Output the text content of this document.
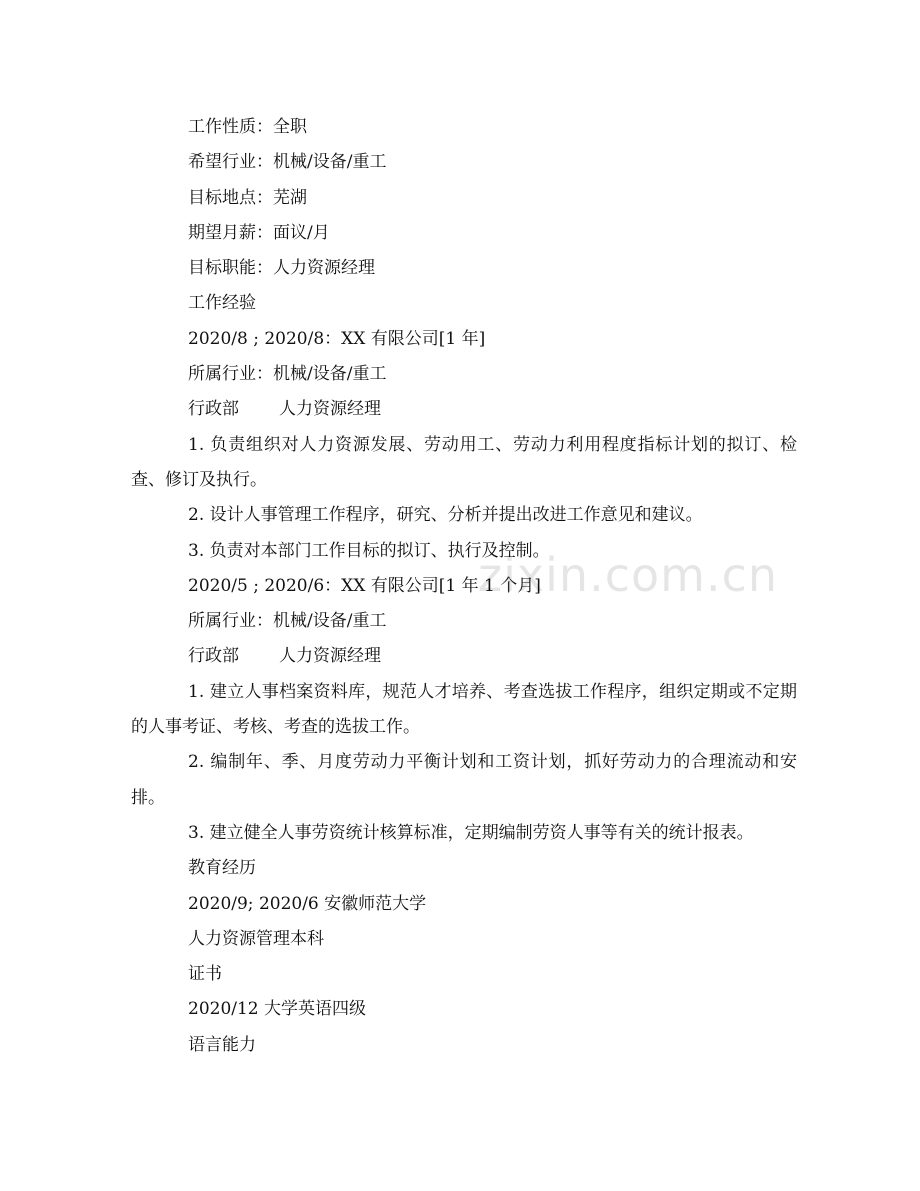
工作性质：全职
希望行业：机械/设备/重工
目标地点：芜湖
期望月薪：面议/月
目标职能：人力资源经理
工作经验
2020/8 ; 2020/8：XX 有限公司[1 年]
所属行业：机械/设备/重工
行政部 人力资源经理
1. 负责组织对人力资源发展、劳动用工、劳动力利用程度指标计划的拟订、检查、修订及执行。
2. 设计人事管理工作程序，研究、分析并提出改进工作意见和建议。
3. 负责对本部门工作目标的拟订、执行及控制。
2020/5 ; 2020/6：XX 有限公司[1 年 1 个月]
所属行业：机械/设备/重工
行政部 人力资源经理
1. 建立人事档案资料库，规范人才培养、考查选拔工作程序，组织定期或不定期的人事考证、考核、考查的选拔工作。
2. 编制年、季、月度劳动力平衡计划和工资计划，抓好劳动力的合理流动和安排。
3. 建立健全人事劳资统计核算标准，定期编制劳资人事等有关的统计报表。
教育经历
2020/9; 2020/6 安徽师范大学
人力资源管理本科
证书
2020/12 大学英语四级
语言能力
zixin.com.cn
